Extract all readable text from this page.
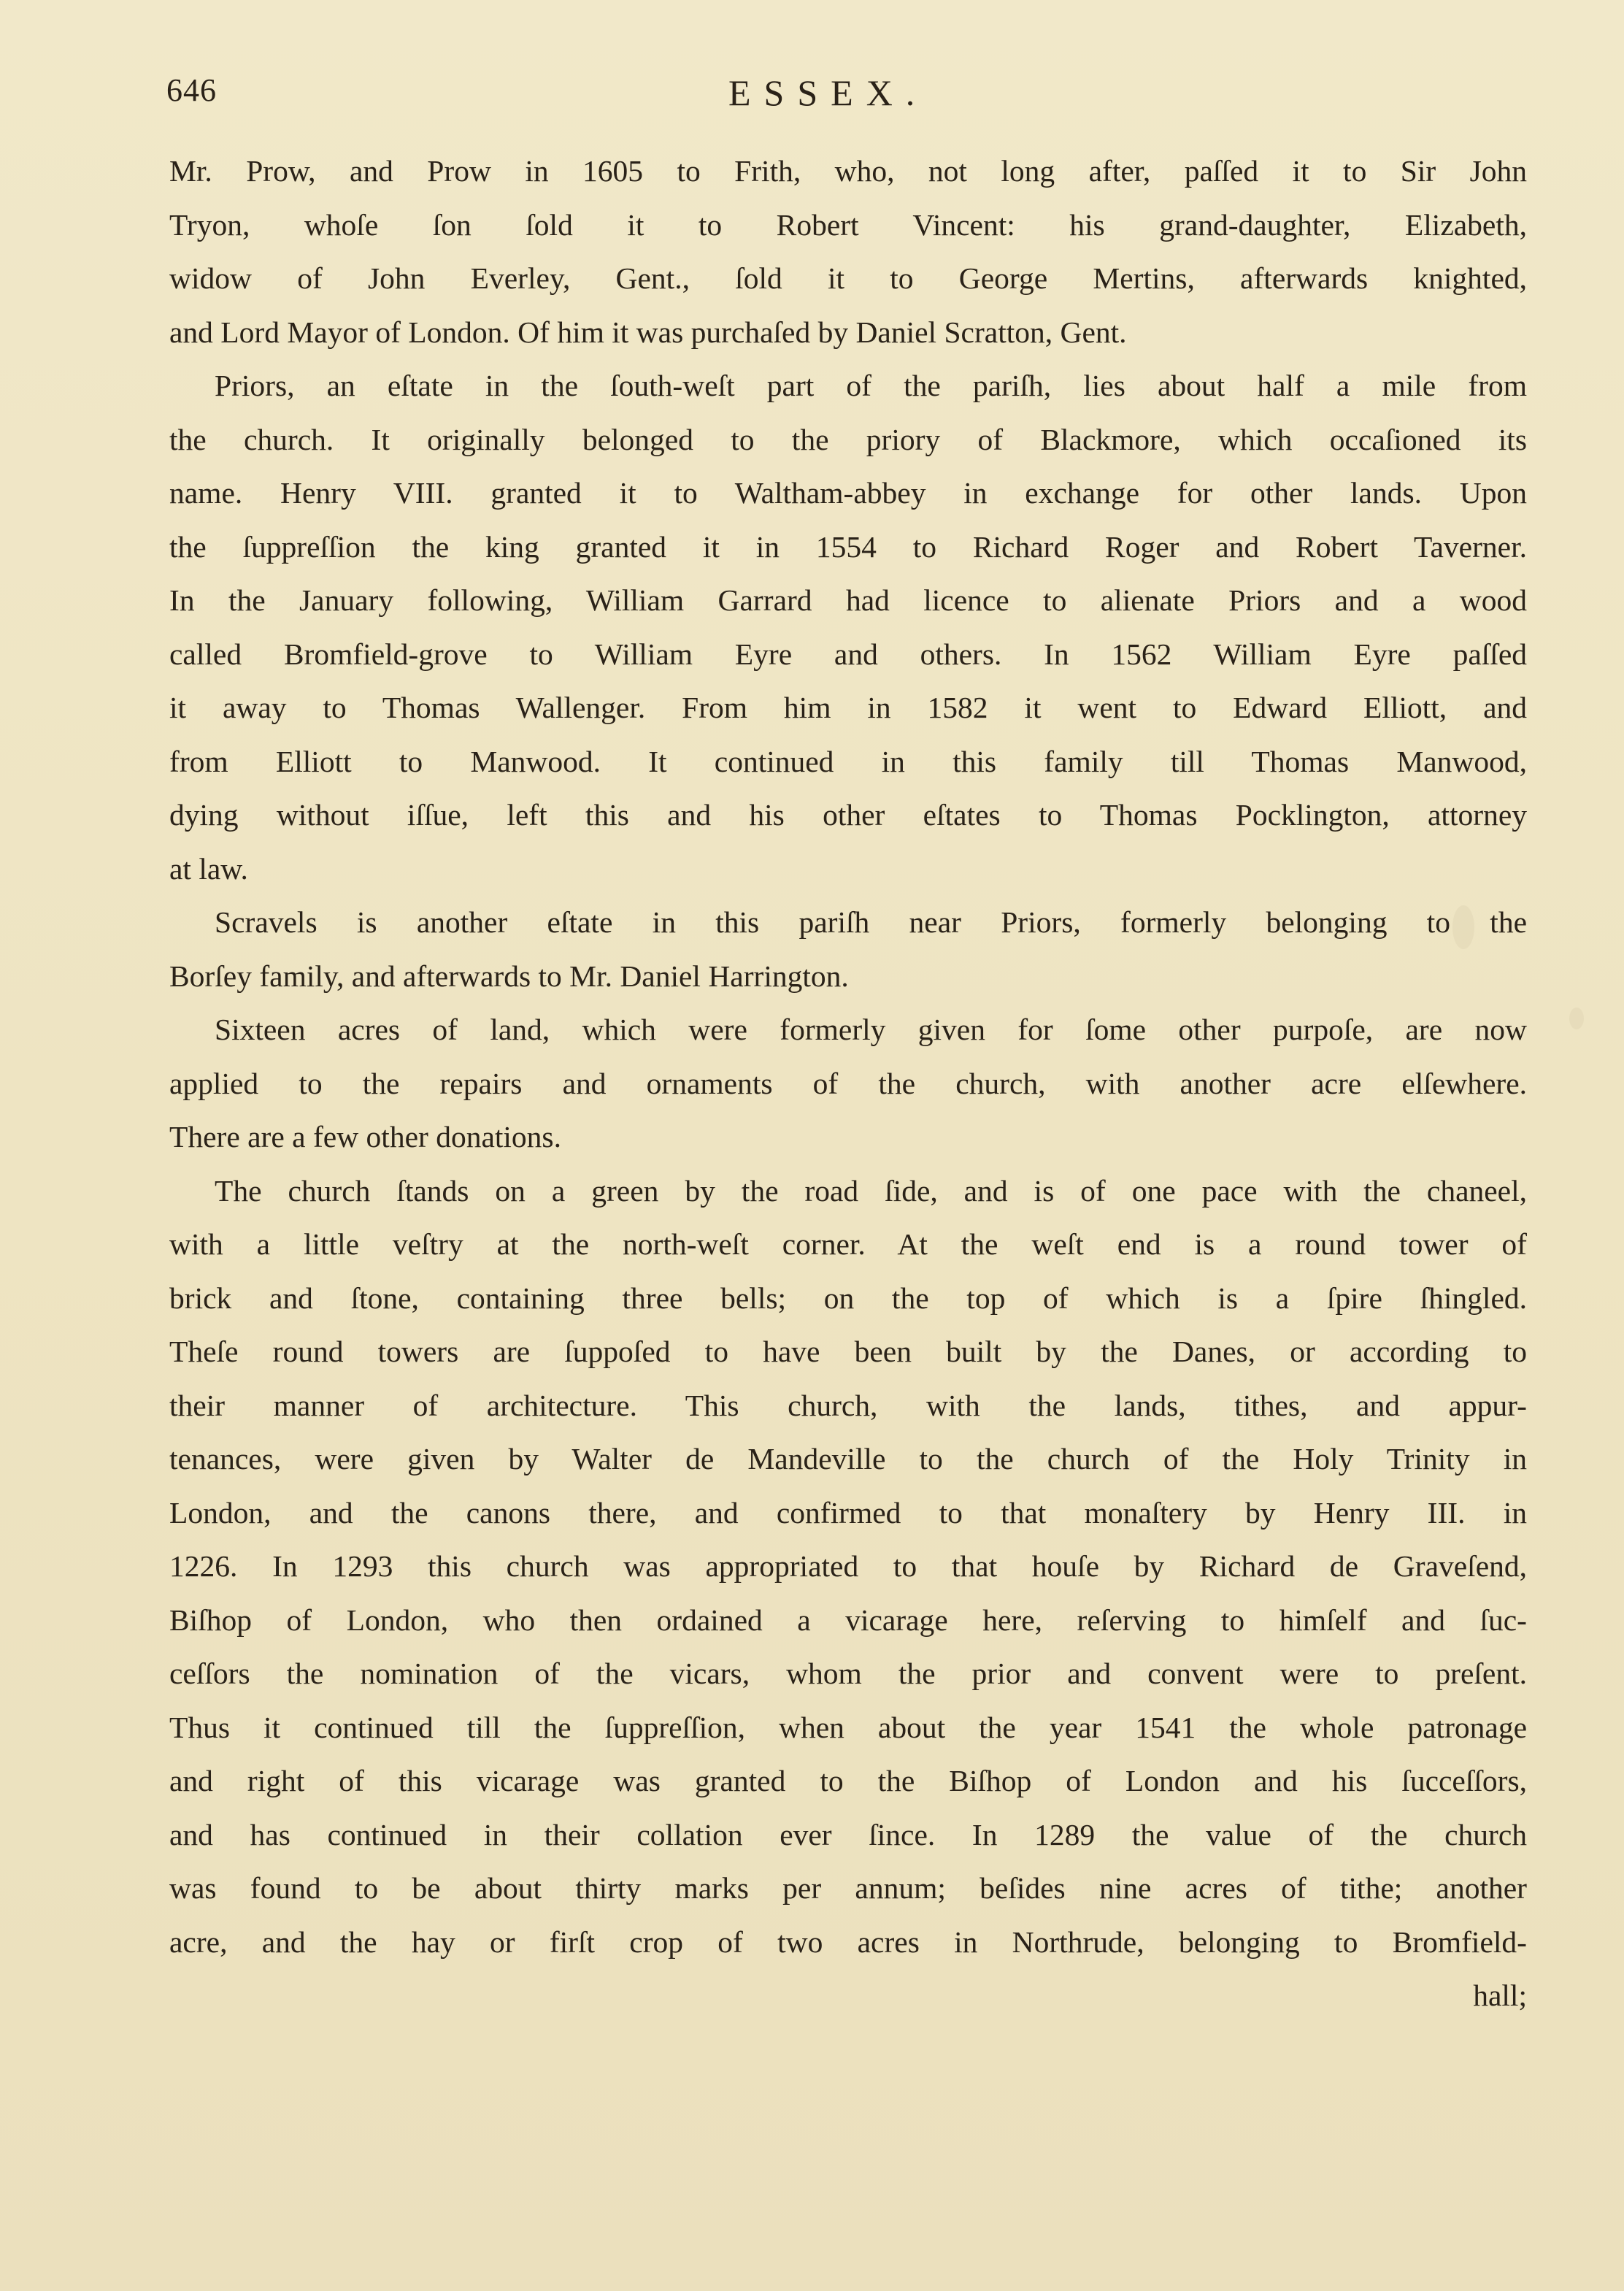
646	ESSEX.
Mr. Prow, and Prow in 1605 to Frith, who, not long after, paſſed it to Sir John
Tryon, whoſe ſon ſold it to Robert Vincent: his grand-daughter, Elizabeth,
widow of John Everley, Gent., ſold it to George Mertins, afterwards knighted,
and Lord Mayor of London. Of him it was purchaſed by Daniel Scratton, Gent.
Priors, an eſtate in the ſouth-weſt part of the pariſh, lies about half a mile from
the church. It originally belonged to the priory of Blackmore, which occaſioned its
name. Henry VIII. granted it to Waltham-abbey in exchange for other lands. Upon
the ſuppreſſion the king granted it in 1554 to Richard Roger and Robert Taverner.
In the January following, William Garrard had licence to alienate Priors and a wood
called Bromfield-grove to William Eyre and others. In 1562 William Eyre paſſed
it away to Thomas Wallenger. From him in 1582 it went to Edward Elliott, and
from Elliott to Manwood. It continued in this family till Thomas Manwood,
dying without iſſue, left this and his other eſtates to Thomas Pocklington, attorney
at law.
Scravels is another eſtate in this pariſh near Priors, formerly belonging to the
Borſey family, and afterwards to Mr. Daniel Harrington.
Sixteen acres of land, which were formerly given for ſome other purpoſe, are now
applied to the repairs and ornaments of the church, with another acre elſewhere.
There are a few other donations.
The church ſtands on a green by the road ſide, and is of one pace with the chaneel,
with a little veſtry at the north-weſt corner. At the weſt end is a round tower of
brick and ſtone, containing three bells; on the top of which is a ſpire ſhingled.
Theſe round towers are ſuppoſed to have been built by the Danes, or according to
their manner of architecture. This church, with the lands, tithes, and appur-
tenances, were given by Walter de Mandeville to the church of the Holy Trinity in
London, and the canons there, and confirmed to that monaſtery by Henry III. in
1226. In 1293 this church was appropriated to that houſe by Richard de Graveſend,
Biſhop of London, who then ordained a vicarage here, reſerving to himſelf and ſuc-
ceſſors the nomination of the vicars, whom the prior and convent were to preſent.
Thus it continued till the ſuppreſſion, when about the year 1541 the whole patronage
and right of this vicarage was granted to the Biſhop of London and his ſucceſſors,
and has continued in their collation ever ſince. In 1289 the value of the church
was found to be about thirty marks per annum; beſides nine acres of tithe; another
acre, and the hay or firſt crop of two acres in Northrude, belonging to Bromfield-
hall;
